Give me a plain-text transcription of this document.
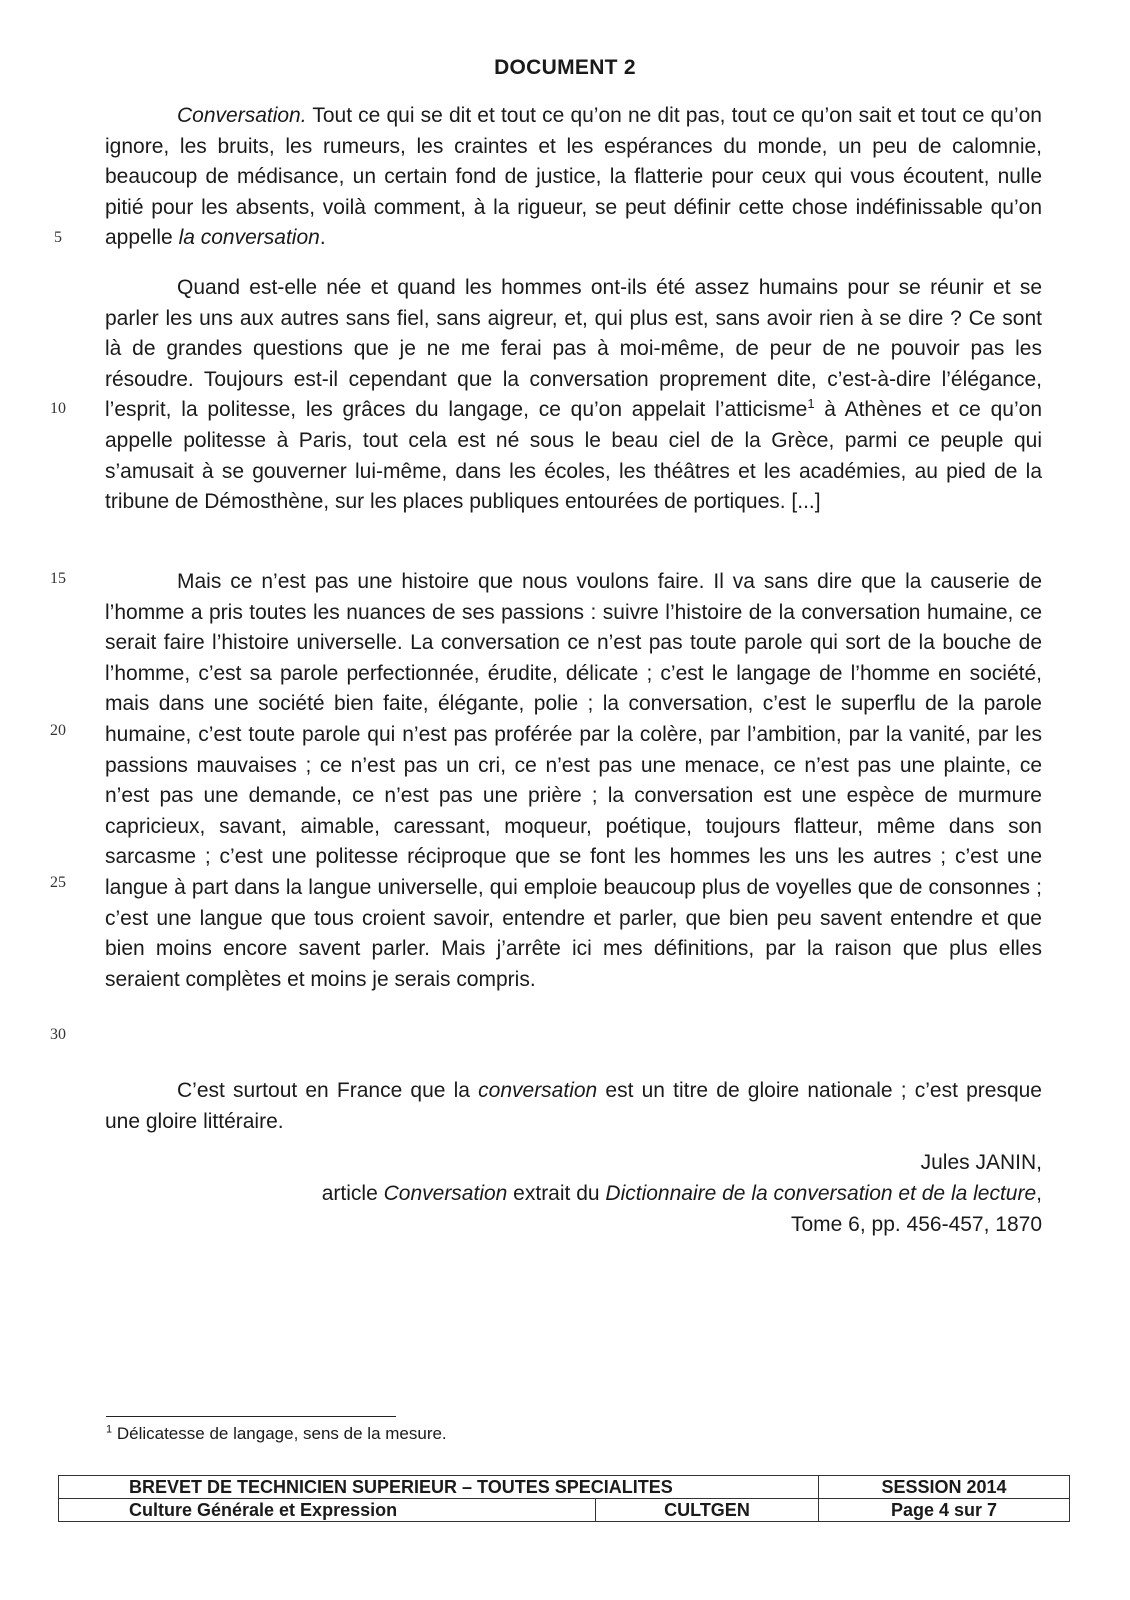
DOCUMENT 2

Conversation. Tout ce qui se dit et tout ce qu’on ne dit pas, tout ce qu’on sait et tout ce qu’on ignore, les bruits, les rumeurs, les craintes et les espérances du monde, un peu de calomnie, beaucoup de médisance, un certain fond de justice, la flatterie pour ceux qui vous écoutent, nulle pitié pour les absents, voilà comment, à la rigueur, se peut définir cette chose indéfinissable qu’on appelle la conversation.

Quand est-elle née et quand les hommes ont-ils été assez humains pour se réunir et se parler les uns aux autres sans fiel, sans aigreur, et, qui plus est, sans avoir rien à se dire ? Ce sont là de grandes questions que je ne me ferai pas à moi-même, de peur de ne pouvoir pas les résoudre. Toujours est-il cependant que la conversation proprement dite, c’est-à-dire l’élégance, l’esprit, la politesse, les grâces du langage, ce qu’on appelait l’atticisme$^1$ à Athènes et ce qu’on appelle politesse à Paris, tout cela est né sous le beau ciel de la Grèce, parmi ce peuple qui s’amusait à se gouverner lui-même, dans les écoles, les théâtres et les académies, au pied de la tribune de Démosthène, sur les places publiques entourées de portiques. [...]

Mais ce n’est pas une histoire que nous voulons faire. Il va sans dire que la causerie de l’homme a pris toutes les nuances de ses passions : suivre l’histoire de la conversation humaine, ce serait faire l’histoire universelle. La conversation ce n’est pas toute parole qui sort de la bouche de l’homme, c’est sa parole perfectionnée, érudite, délicate ; c’est le langage de l’homme en société, mais dans une société bien faite, élégante, polie ; la conversation, c’est le superflu de la parole humaine, c’est toute parole qui n’est pas proférée par la colère, par l’ambition, par la vanité, par les passions mauvaises ; ce n’est pas un cri, ce n’est pas une menace, ce n’est pas une plainte, ce n’est pas une demande, ce n’est pas une prière ; la conversation est une espèce de murmure capricieux, savant, aimable, caressant, moqueur, poétique, toujours flatteur, même dans son sarcasme ; c’est une politesse réciproque que se font les hommes les uns les autres ; c’est une langue à part dans la langue universelle, qui emploie beaucoup plus de voyelles que de consonnes ; c’est une langue que tous croient savoir, entendre et parler, que bien peu savent entendre et que bien moins encore savent parler. Mais j’arrête ici mes définitions, par la raison que plus elles seraient complètes et moins je serais compris.

C’est surtout en France que la conversation est un titre de gloire nationale ; c’est presque une gloire littéraire.

5
10
15
20
25
30
Jules JANIN,
article Conversation extrait du Dictionnaire de la conversation et de la lecture,
Tome 6, pp. 456-457, 1870
$^1$ Délicatesse de langage, sens de la mesure.
BREVET DE TECHNICIEN SUPERIEUR – TOUTES SPECIALITES		SESSION 2014
Culture Générale et Expression	CULTGEN	Page 4 sur 7
